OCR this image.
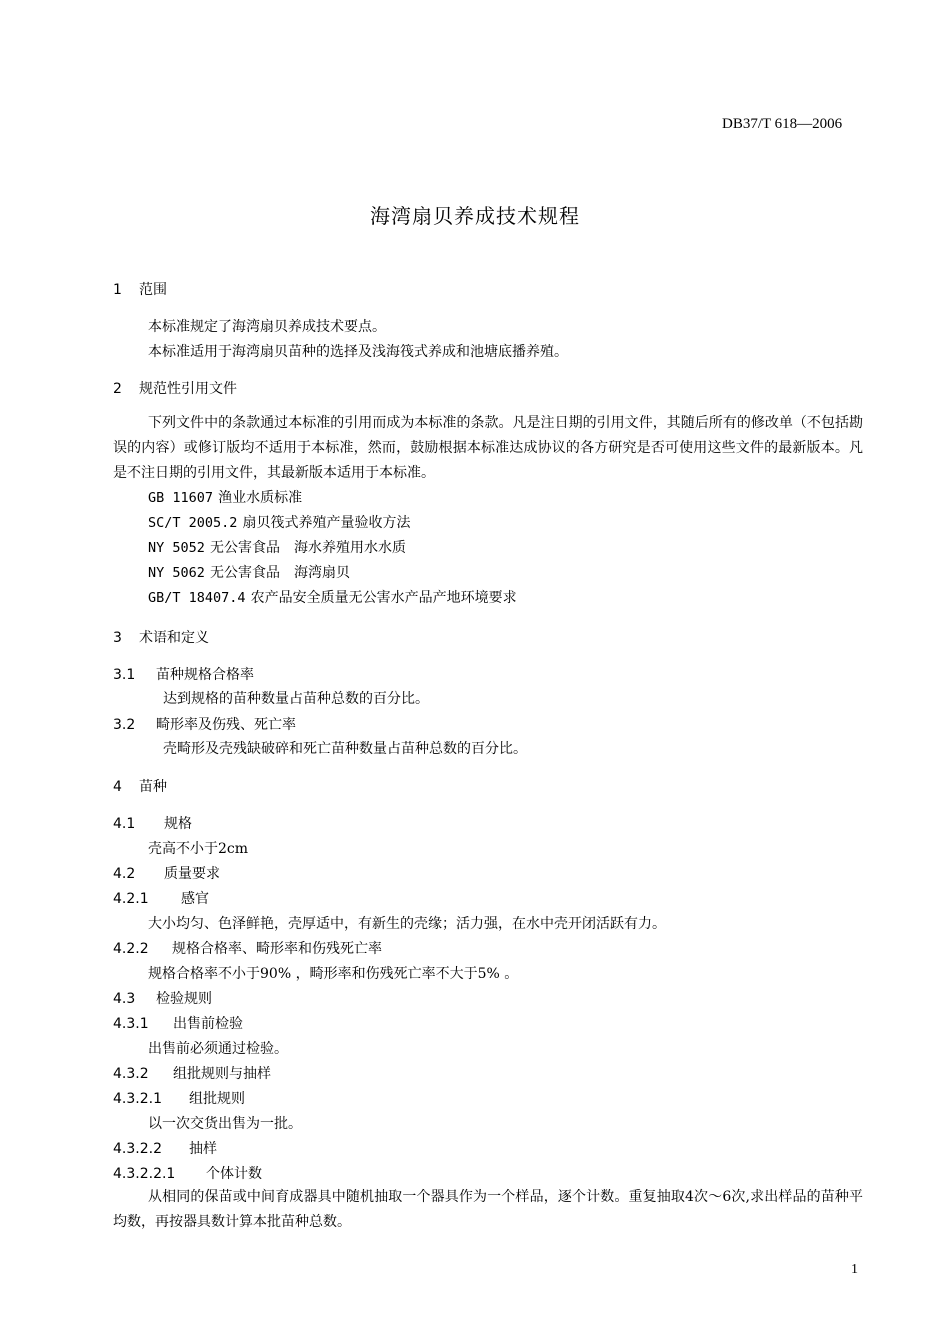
DB37/T 618—2006
海湾扇贝养成技术规程
1 范围
本标准规定了海湾扇贝养成技术要点。
本标准适用于海湾扇贝苗种的选择及浅海筏式养成和池塘底播养殖。
2 规范性引用文件
下列文件中的条款通过本标准的引用而成为本标准的条款。凡是注日期的引用文件，其随后所有的修改单（不包括勘误的内容）或修订版均不适用于本标准，然而，鼓励根据本标准达成协议的各方研究是否可使用这些文件的最新版本。凡是不注日期的引用文件，其最新版本适用于本标准。
GB 11607 渔业水质标准
SC/T 2005.2 扇贝筏式养殖产量验收方法
NY 5052 无公害食品　海水养殖用水水质
NY 5062 无公害食品　海湾扇贝
GB/T 18407.4 农产品安全质量无公害水产品产地环境要求
3 术语和定义
3.1 苗种规格合格率
达到规格的苗种数量占苗种总数的百分比。
3.2 畸形率及伤残、死亡率
壳畸形及壳残缺破碎和死亡苗种数量占苗种总数的百分比。
4 苗种
4.1 规格
壳高不小于2cm
4.2 质量要求
4.2.1 感官
大小均匀、色泽鲜艳，壳厚适中，有新生的壳缘；活力强，在水中壳开闭活跃有力。
4.2.2 规格合格率、畸形率和伤残死亡率
规格合格率不小于90% ，畸形率和伤残死亡率不大于5% 。
4.3 检验规则
4.3.1 出售前检验
出售前必须通过检验。
4.3.2 组批规则与抽样
4.3.2.1 组批规则
以一次交货出售为一批。
4.3.2.2 抽样
4.3.2.2.1 个体计数
从相同的保苗或中间育成器具中随机抽取一个器具作为一个样品，逐个计数。重复抽取4次～6次,求出样品的苗种平均数，再按器具数计算本批苗种总数。
1
